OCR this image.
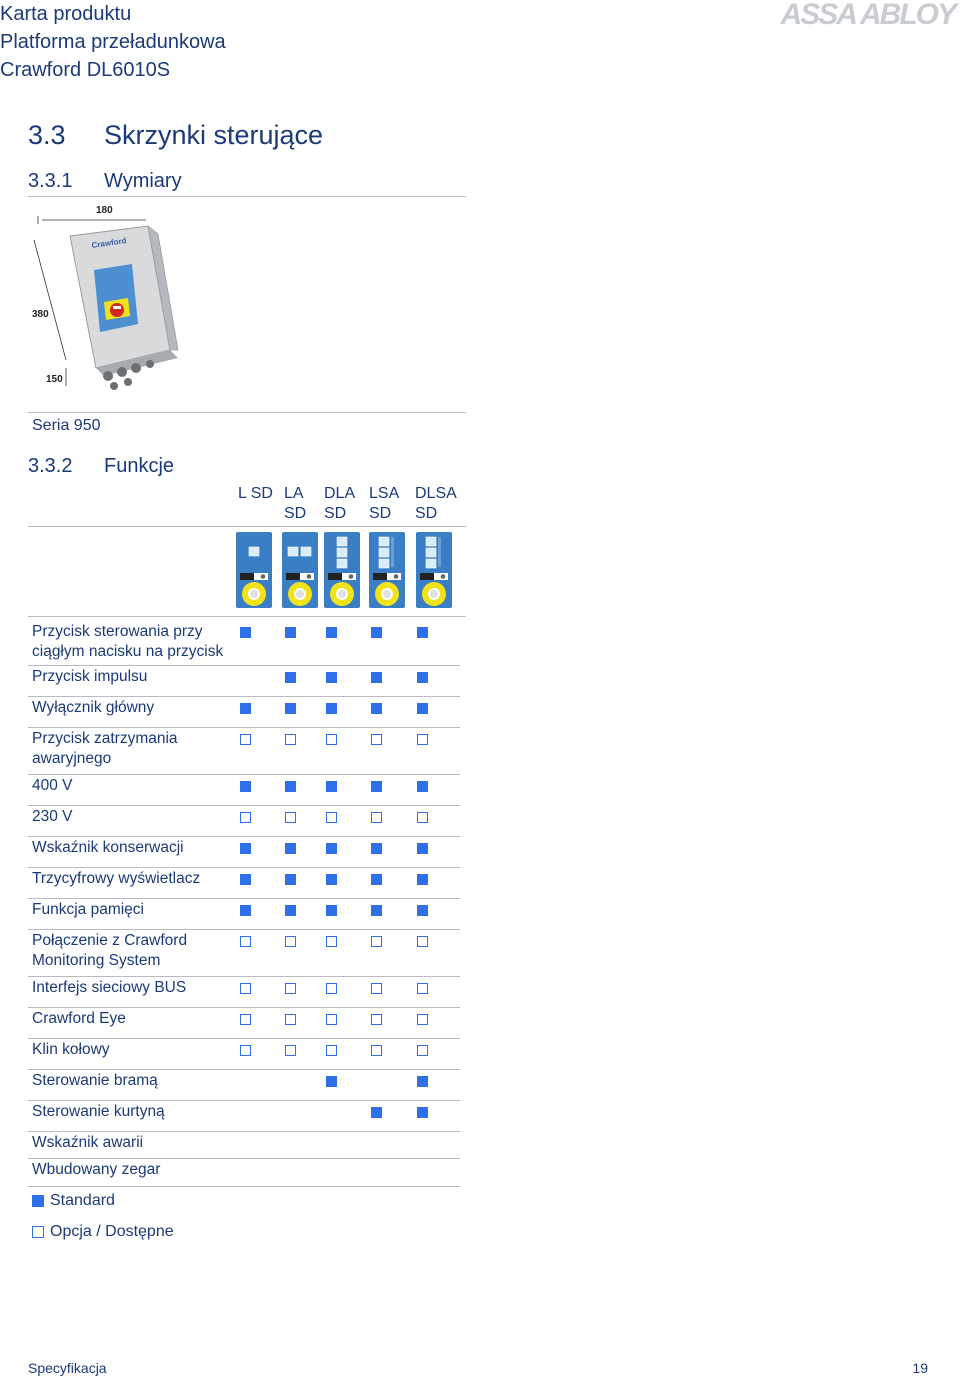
Karta produktu
Platforma przeładunkowa
Crawford DL6010S
ASSA ABLOY
3.3 Skrzynki sterujące
3.3.1 Wymiary
180
380
150
Crawford
Seria 950
3.3.2 Funkcje
L SD LA
SD
DLA
SD
LSA
SD
DLSA
SD
Przycisk sterowania przy ciągłym nacisku na przycisk
Przycisk impulsu
Wyłącznik główny
Przycisk zatrzymania awaryjnego
400 V
230 V
Wskaźnik konserwacji
Trzycyfrowy wyświetlacz
Funkcja pamięci
Połączenie z Crawford Monitoring System
Interfejs sieciowy BUS
Crawford Eye
Klin kołowy
Sterowanie bramą
Sterowanie kurtyną
Wskaźnik awarii
Wbudowany zegar
Standard
Opcja / Dostępne
Specyfikacja	19
